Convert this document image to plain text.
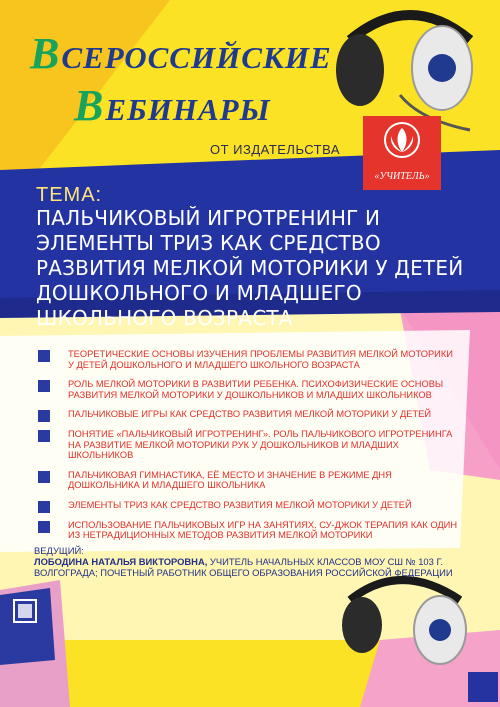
ВСЕРОССИЙСКИЕ
ВЕБИНАРЫ
ОТ ИЗДАТЕЛЬСТВА
«УЧИТЕЛЬ»
ТЕМА:
ПАЛЬЧИКОВЫЙ ИГРОТРЕНИНГ И ЭЛЕМЕНТЫ ТРИЗ КАК СРЕДСТВО РАЗВИТИЯ МЕЛКОЙ МОТОРИКИ У ДЕТЕЙ ДОШКОЛЬНОГО И МЛАДШЕГО ШКОЛЬНОГО ВОЗРАСТА
ТЕОРЕТИЧЕСКИЕ ОСНОВЫ ИЗУЧЕНИЯ ПРОБЛЕМЫ РАЗВИТИЯ МЕЛКОЙ МОТОРИКИ У ДЕТЕЙ ДОШКОЛЬНОГО И МЛАДШЕГО ШКОЛЬНОГО ВОЗРАСТА
РОЛЬ МЕЛКОЙ МОТОРИКИ В РАЗВИТИИ РЕБЕНКА. ПСИХОФИЗИЧЕСКИЕ ОСНОВЫ РАЗВИТИЯ МЕЛКОЙ МОТОРИКИ У ДОШКОЛЬНИКОВ И МЛАДШИХ ШКОЛЬНИКОВ
ПАЛЬЧИКОВЫЕ ИГРЫ КАК СРЕДСТВО РАЗВИТИЯ МЕЛКОЙ МОТОРИКИ У ДЕТЕЙ
ПОНЯТИЕ «ПАЛЬЧИКОВЫЙ ИГРОТРЕНИНГ». РОЛЬ ПАЛЬЧИКОВОГО ИГРОТРЕНИНГА НА РАЗВИТИЕ МЕЛКОЙ МОТОРИКИ РУК У ДОШКОЛЬНИКОВ И МЛАДШИХ ШКОЛЬНИКОВ
ПАЛЬЧИКОВАЯ ГИМНАСТИКА, ЕЁ МЕСТО И ЗНАЧЕНИЕ В РЕЖИМЕ ДНЯ ДОШКОЛЬНИКА И МЛАДШЕГО ШКОЛЬНИКА
ЭЛЕМЕНТЫ ТРИЗ КАК СРЕДСТВО РАЗВИТИЯ МЕЛКОЙ МОТОРИКИ У ДЕТЕЙ
ИСПОЛЬЗОВАНИЕ ПАЛЬЧИКОВЫХ ИГР НА ЗАНЯТИЯХ. СУ-ДЖОК ТЕРАПИЯ КАК ОДИН ИЗ НЕТРАДИЦИОННЫХ МЕТОДОВ РАЗВИТИЯ МЕЛКОЙ МОТОРИКИ
ВЕДУЩИЙ:
ЛОБОДИНА НАТАЛЬЯ ВИКТОРОВНА, УЧИТЕЛЬ НАЧАЛЬНЫХ КЛАССОВ МОУ СШ № 103 Г. ВОЛГОГРАДА; ПОЧЕТНЫЙ РАБОТНИК ОБЩЕГО ОБРАЗОВАНИЯ РОССИЙСКОЙ ФЕДЕРАЦИИ
